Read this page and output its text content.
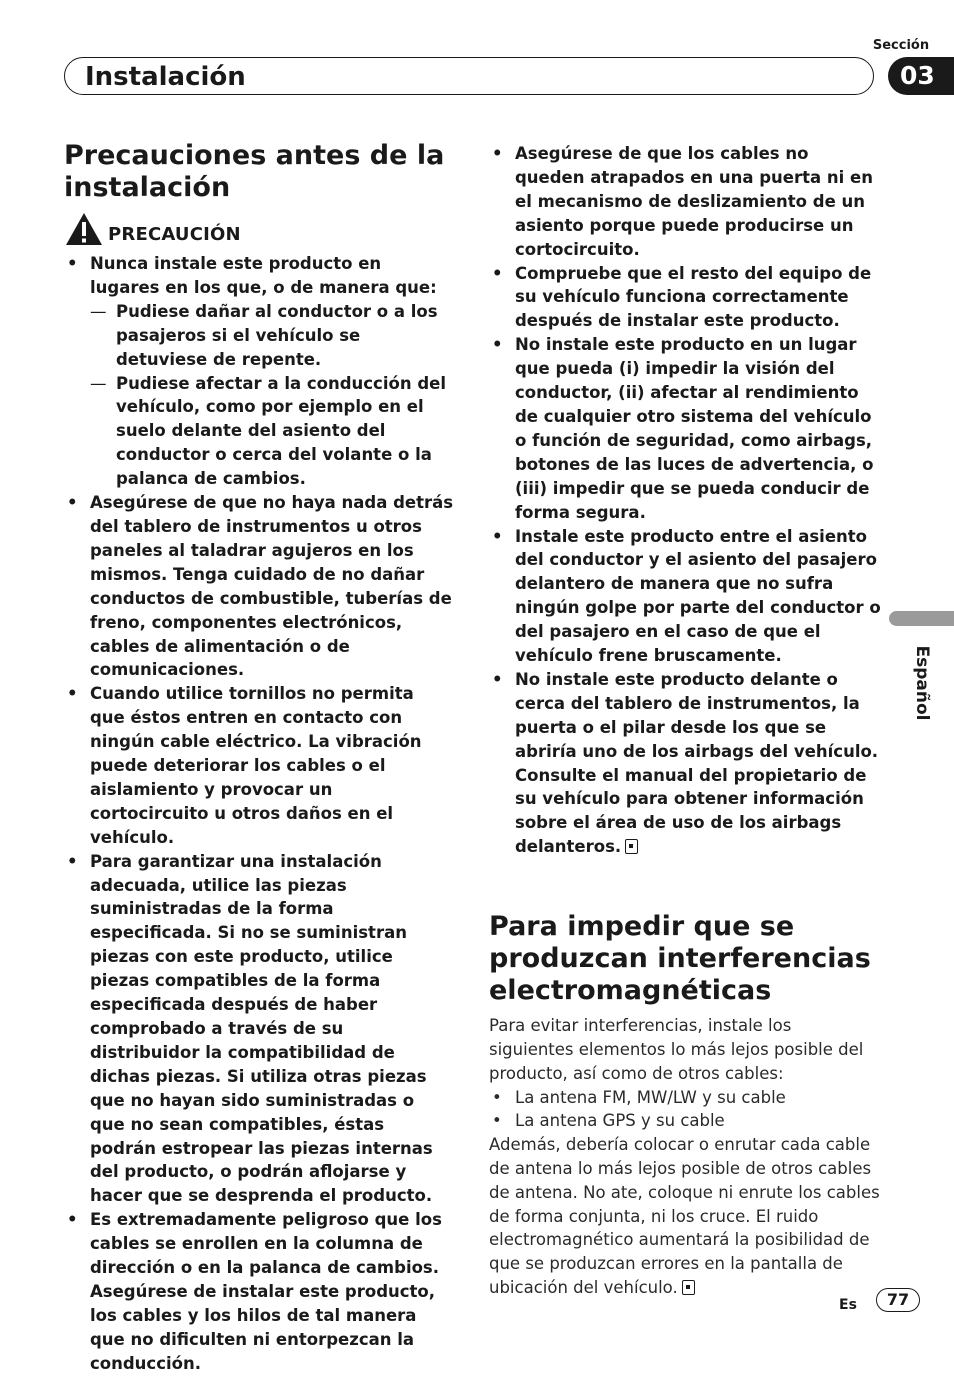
Sección
Instalación	03
Español
Precauciones antes de la instalación
PRECAUCIÓN
• Nunca instale este producto en lugares en los que, o de manera que:
— Pudiese dañar al conductor o a los pasajeros si el vehículo se detuviese de repente.
— Pudiese afectar a la conducción del vehículo, como por ejemplo en el suelo delante del asiento del conductor o cerca del volante o la palanca de cambios.
• Asegúrese de que no haya nada detrás del tablero de instrumentos u otros paneles al taladrar agujeros en los mismos. Tenga cuidado de no dañar conductos de combustible, tuberías de freno, componentes electrónicos, cables de alimentación o de comunicaciones.
• Cuando utilice tornillos no permita que éstos entren en contacto con ningún cable eléctrico. La vibración puede deteriorar los cables o el aislamiento y provocar un cortocircuito u otros daños en el vehículo.
• Para garantizar una instalación adecuada, utilice las piezas suministradas de la forma especificada. Si no se suministran piezas con este producto, utilice piezas compatibles de la forma especificada después de haber comprobado a través de su distribuidor la compatibilidad de dichas piezas. Si utiliza otras piezas que no hayan sido suministradas o que no sean compatibles, éstas podrán estropear las piezas internas del producto, o podrán aflojarse y hacer que se desprenda el producto.
• Es extremadamente peligroso que los cables se enrollen en la columna de dirección o en la palanca de cambios. Asegúrese de instalar este producto, los cables y los hilos de tal manera que no dificulten ni entorpezcan la conducción.
• Asegúrese de que los cables no queden atrapados en una puerta ni en el mecanismo de deslizamiento de un asiento porque puede producirse un cortocircuito.
• Compruebe que el resto del equipo de su vehículo funciona correctamente después de instalar este producto.
• No instale este producto en un lugar que pueda (i) impedir la visión del conductor, (ii) afectar al rendimiento de cualquier otro sistema del vehículo o función de seguridad, como airbags, botones de las luces de advertencia, o (iii) impedir que se pueda conducir de forma segura.
• Instale este producto entre el asiento del conductor y el asiento del pasajero delantero de manera que no sufra ningún golpe por parte del conductor o del pasajero en el caso de que el vehículo frene bruscamente.
• No instale este producto delante o cerca del tablero de instrumentos, la puerta o el pilar desde los que se abriría uno de los airbags del vehículo. Consulte el manual del propietario de su vehículo para obtener información sobre el área de uso de los airbags delanteros.
Para impedir que se produzcan interferencias electromagnéticas
Para evitar interferencias, instale los siguientes elementos lo más lejos posible del producto, así como de otros cables:
• La antena FM, MW/LW y su cable
• La antena GPS y su cable
Además, debería colocar o enrutar cada cable de antena lo más lejos posible de otros cables de antena. No ate, coloque ni enrute los cables de forma conjunta, ni los cruce. El ruido electromagnético aumentará la posibilidad de que se produzcan errores en la pantalla de ubicación del vehículo.
Es	77
